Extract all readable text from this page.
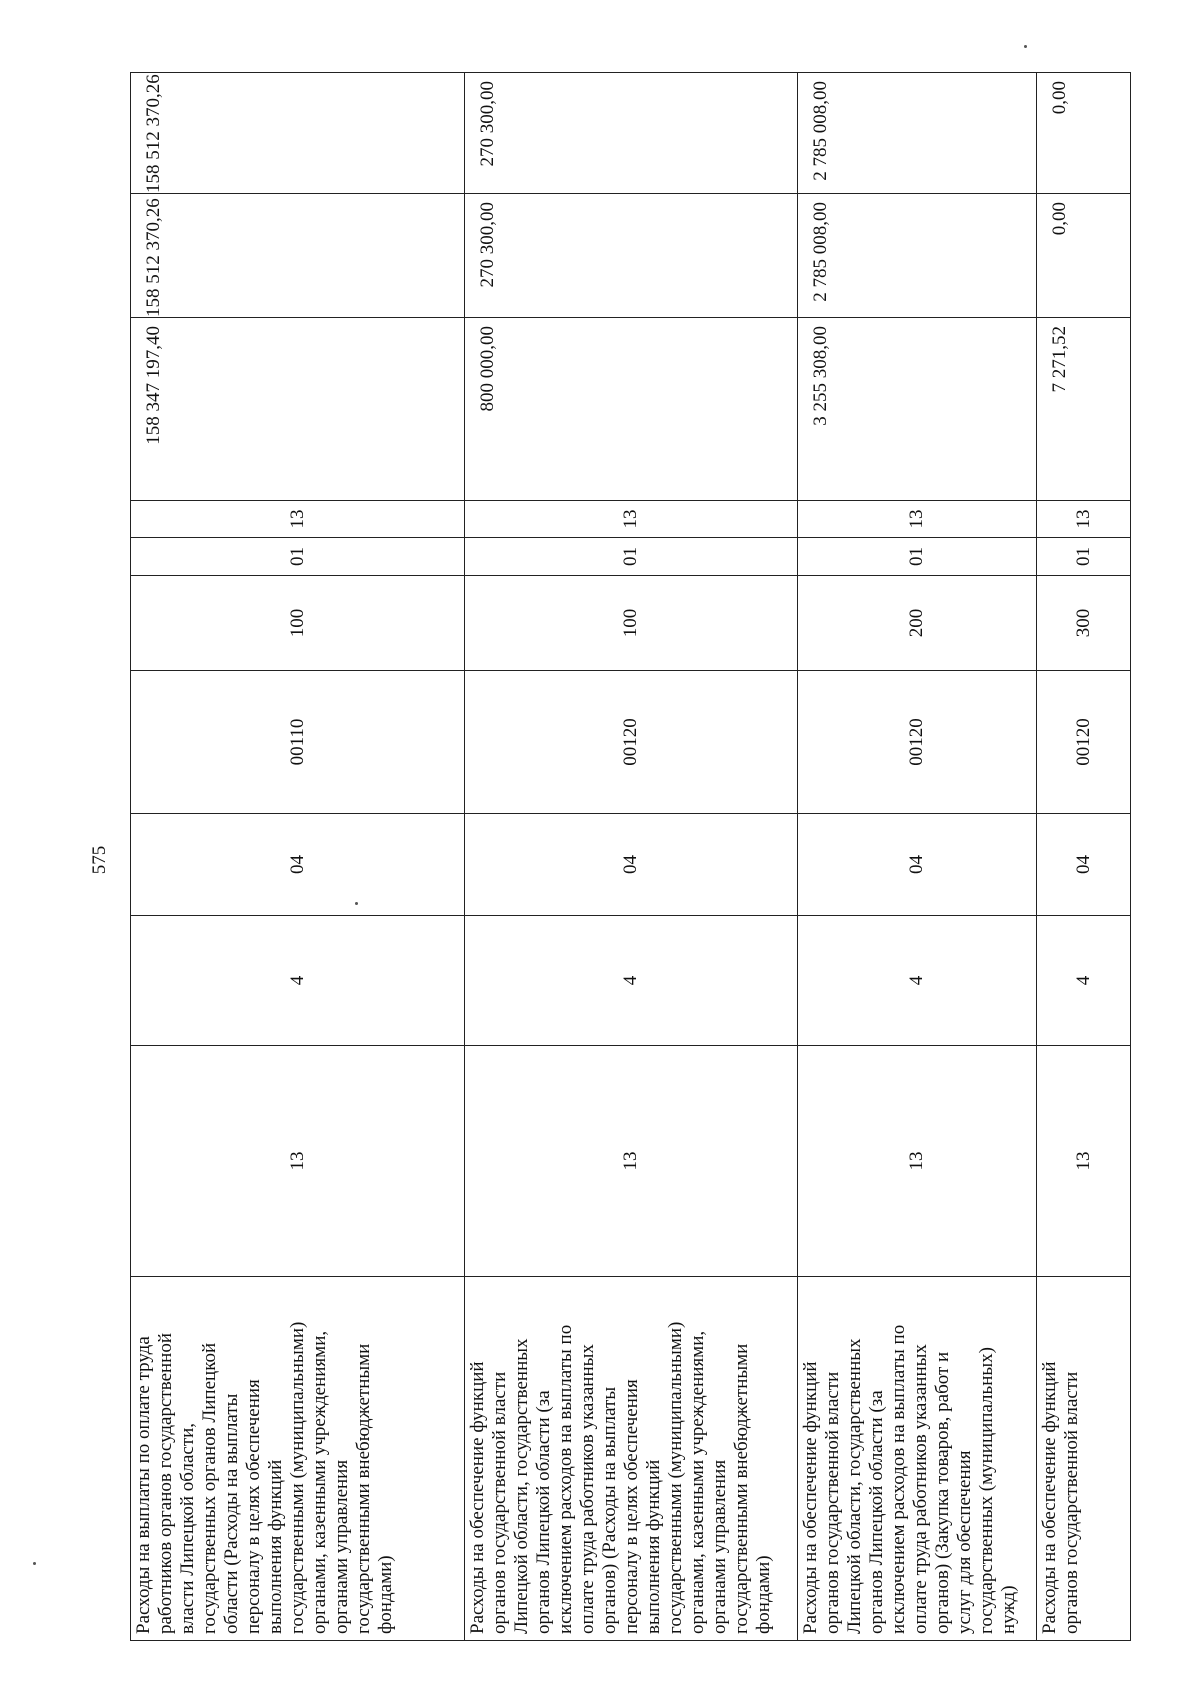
575
Расходы на выплаты по оплате труда
работников органов государственной
власти Липецкой области,
государственных органов Липецкой
области (Расходы на выплаты
персоналу в целях обеспечения
выполнения функций
государственными (муниципальными)
органами, казенными учреждениями,
органами управления
государственными внебюджетными
фондами)
13
4
04
00110
100
01
13
158 347 197,40
158 512 370,26
158 512 370,26
Расходы на обеспечение функций
органов государственной власти
Липецкой области, государственных
органов Липецкой области (за
исключением расходов на выплаты по
оплате труда работников указанных
органов) (Расходы на выплаты
персоналу в целях обеспечения
выполнения функций
государственными (муниципальными)
органами, казенными учреждениями,
органами управления
государственными внебюджетными
фондами)
13
4
04
00120
100
01
13
800 000,00
270 300,00
270 300,00
Расходы на обеспечение функций
органов государственной власти
Липецкой области, государственных
органов Липецкой области (за
исключением расходов на выплаты по
оплате труда работников указанных
органов) (Закупка товаров, работ и
услуг для обеспечения
государственных (муниципальных)
нужд)
13
4
04
00120
200
01
13
3 255 308,00
2 785 008,00
2 785 008,00
Расходы на обеспечение функций
органов государственной власти
13
4
04
00120
300
01
13
7 271,52
0,00
0,00
